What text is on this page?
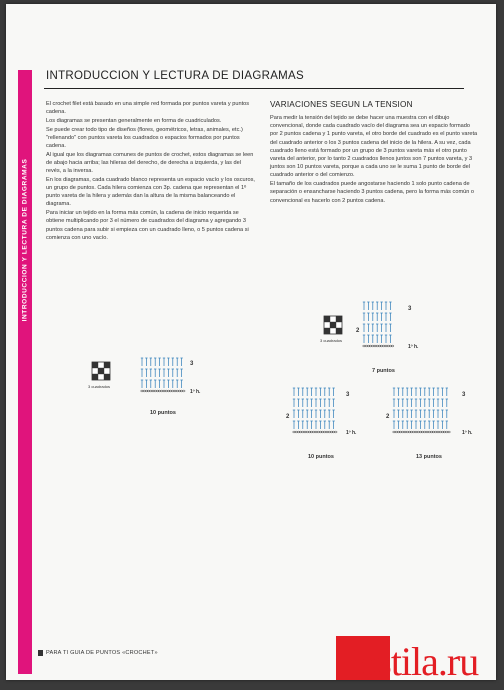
INTRODUCCION Y LECTURA DE DIAGRAMAS
INTRODUCCION Y LECTURA DE DIAGRAMAS

El crochet filet está basado en una simple red formada por puntos vareta y puntos cadena.

Los diagramas se presentan generalmente en forma de cuadriculados.

Se puede crear todo tipo de diseños (flores, geométricos, letras, animales, etc.) "rellenando" con puntos vareta los cuadrados o espacios formados por puntos cadena.

Al igual que los diagramas comunes de puntos de crochet, estos diagramas se leen de abajo hacia arriba; las hileras del derecho, de derecha a izquierda, y las del revés, a la inversa.

En los diagramas, cada cuadrado blanco representa un espacio vacío y los oscuros, un grupo de puntos. Cada hilera comienza con 3p. cadena que representan el 1º punto vareta de la hilera y además dan la altura de la misma balanceando el diagrama.

Para iniciar un tejido en la forma más común, la cadena de inicio requerida se obtiene multiplicando por 3 el número de cuadrados del diagrama y agregando 3 puntos cadena para subir si empieza con un cuadrado lleno, o 5 puntos cadena si comienza con uno vacío.

VARIACIONES SEGUN LA TENSION

Para medir la tensión del tejido se debe hacer una muestra con el dibujo convencional, donde cada cuadrado vacío del diagrama sea un espacio formado por 2 puntos cadena y 1 punto vareta, el otro borde del cuadrado es el punto vareta del cuadrado anterior o los 3 puntos cadena del inicio de la hilera. A su vez, cada cuadrado lleno está formado por un grupo de 3 puntos vareta más el otro punto vareta del anterior, por lo tanto 2 cuadrados llenos juntos son 7 puntos vareta, y 3 juntos son 10 puntos vareta, porque a cada uno se le suma 1 punto de borde del cuadrado anterior o del comienzo.

El tamaño de los cuadrados puede angostarse haciendo 1 solo punto cadena de separación o ensancharse haciendo 3 puntos cadena, pero la forma más común o convencional es hacerlo con 2 puntos cadena.

3 cuadrados
3
1º h.
10 puntos
3 cuadrados
2
3
1º h.
7 puntos
2
3
1º h.
10 puntos
2
3
1º h.
13 puntos
PARA TI GUIA DE PUNTOS «CROCHET»	Postila.ru
